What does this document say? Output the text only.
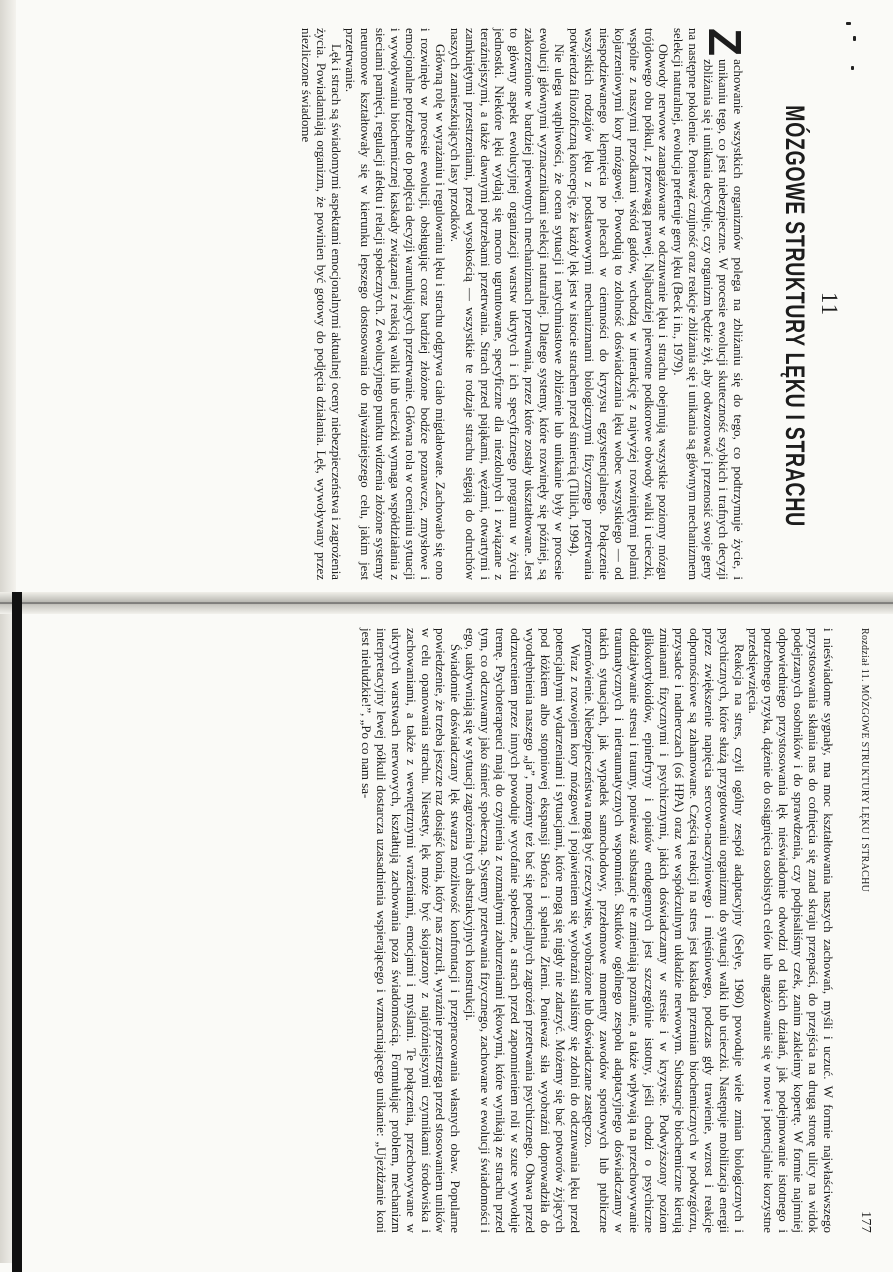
11
MÓZGOWE STRUKTURY LĘKU I STRACHU

Z
achowanie wszystkich organizmów polega na zbliżaniu się do tego, co podtrzymuje życie, i unikaniu tego, co jest niebezpieczne. W procesie ewolucji skuteczność szybkich i trafnych decyzji zbliżania się i unikania decyduje, czy organizm będzie żył, aby odwzorować i przenosić swoje geny na następne pokolenie. Ponieważ czujność oraz reakcje zbliżania się i unikania są głównym mechanizmem selekcji naturalnej, ewolucja preferuje geny lęku (Beck i in., 1979).

Obwody nerwowe zaangażowane w odczuwanie lęku i strachu obejmują wszystkie poziomy mózgu trójdowego obu półkul, z przewagą prawej. Najbardziej pierwotne podkorowe obwody walki i ucieczki, wspólne z naszymi przodkami wśród gadów, wchodzą w interakcję z najwyżej rozwiniętymi polami kojarzeniowymi kory mózgowej. Powodują to zdolność doświadczania lęku wobec wszystkiego — od niespodziewanego klepnięcia po plecach w ciemności do kryzysu egzystencjalnego. Połączenie wszystkich rodzajów lęku z podstawowymi mechanizmami biologicznymi fizycznego przetrwania potwierdza filozoficzną koncepcję, że każdy lęk jest w istocie strachem przed śmiercią (Tillich, 1994).

Nie ulega wątpliwości, że ocena sytuacji i natychmiastowe zbliżenie lub unikanie były w procesie ewolucji głównymi wyznacznikami selekcji naturalnej. Dlatego systemy, które rozwinęły się później, są zakorzenione w bardziej pierwotnych mechanizmach przetrwania, przez które zostały ukształtowane. Jest to główny aspekt ewolucyjnej organizacji warstw ukrytych i ich specyficznego programu w życiu jednostki. Niektóre lęki wydają się mocno ugruntowane, specyficzne dla niezdolnych i związane z teraźniejszymi, a także dawnymi potrzebami przetrwania. Strach przed pająkami, wężami, otwartymi i zamkniętymi przestrzeniami, przed wysokością — wszystkie te rodzaje strachu sięgają do odruchów naszych zamieszkujących lasy przodków.

Główną rolę w wyrażaniu i regulowaniu lęku i strachu odgrywa ciało migdałowate. Zachowało się ono i rozwinęło w procesie ewolucji, obsługując coraz bardziej złożone bodźce poznawcze, zmysłowe i emocjonalne potrzebne do podjęcia decyzji warunkujących przetrwanie. Główna rola w ocenianiu sytuacji i wywoływaniu biochemicznej kaskady związanej z reakcją walki lub ucieczki wymaga współdziałania z sieciami pamięci, regulacji afektu i relacji społecznych. Z ewolucyjnego punktu widzenia złożone systemy neuronowe kształtowały się w kierunku lepszego dostosowania do najważniejszego celu, jakim jest przetrwanie.

Lęk i strach są świadomymi aspektami emocjonalnymi aktualnej oceny niebezpieczeństwa i zagrożenia życia. Powiadamiają organizm, że powinien być gotowy do podjęcia działania. Lęk, wywoływany przez niezliczone świadome

Rozdział 11. MÓZGOWE STRUKTURY LĘKU I STRACHU
177

i nieświadome sygnały, ma moc kształtowania naszych zachowań, myśli i uczuć. W formie najwłaściwszego przystosowania skłania nas do cofnięcia się znad skraju przepaści, do przejścia na drugą stronę ulicy na widok podejrzanych osobników i do sprawdzenia, czy podpisaliśmy czek, zanim zakleimy kopertę. W formie najmniej odpowiedniego przystosowania lęk nieświadomie odwodzi od takich działań, jak podejmowanie istotnego i potrzebnego ryzyka, dążenie do osiągnięcia osobistych celów lub angażowanie się w nowe i potencjalnie korzystne przedsięwzięcia.

Reakcja na stres, czyli ogólny zespół adaptacyjny (Selye, 1960) powoduje wiele zmian biologicznych i psychicznych, które służą przygotowaniu organizmu do sytuacji walki lub ucieczki. Następuje mobilizacja energii przez zwiększenie napięcia sercowo-naczyniowego i mięśniowego, podczas gdy trawienie, wzrost i reakcje odpornościowe są zahamowane. Częścią reakcji na stres jest kaskada przemian biochemicznych w podwzgórzu, przysadce i nadnerczach (oś HPA) oraz we współczulnym układzie nerwowym. Substancje biochemiczne kierują zmianami fizycznymi i psychicznymi, jakich doświadczamy w stresie i w kryzysie. Podwyższony poziom glikokortykoidów, epinefryny i opiatów endogennych jest szczególnie istotny, jeśli chodzi o psychiczne oddziaływanie stresu i traumy, ponieważ substancje te zmieniają poznanie, a także wpływają na przechowywanie traumatycznych i nietraumatycznych wspomnień. Skutków ogólnego zespołu adaptacyjnego doświadczamy w takich sytuacjach, jak wypadek samochodowy, przełomowe momenty zawodów sportowych lub publiczne przemówienie. Niebezpieczeństwa mogą być rzeczywiste, wyobrażone lub doświadczane zastępczo.

Wraz z rozwojem kory mózgowej i pojawieniem się wyobraźni staliśmy się zdolni do odczuwania lęku przed potencjalnymi wydarzeniami i sytuacjami, które mogą się nigdy nie zdarzyć. Możemy się bać potworów żyjących pod łóżkiem albo stopniowej ekspansji Słońca i spalenia Ziemi. Ponieważ siła wyobraźni doprowadziła do wyodrębnienia naszego „ja”, możemy też bać się potencjalnych zagrożeń przetrwania psychicznego. Obawa przed odrzuceniem przez innych powoduje wycofanie społeczne, a strach przed zapomnieniem roli w szuce wywołuje tremę. Psychoterapeuci mają do czynienia z rozmaitymi zaburzeniami lękowymi, które wynikają ze strachu przed tym, co odczuwamy jako śmierć społeczną. Systemy przetrwania fizycznego, zachowane w ewolucji świadomości i ego, uaktywniają się w sytuacji zagrożenia tych abstrakcyjnych konstrukcji.

Świadomie doświadczany lęk stwarza możliwość konfrontacji i przepracowania własnych obaw. Popularne powiedzenie, że trzeba jeszcze raz dosiąść konia, który nas zrzucił, wyraźnie przestrzega przed stosowaniem uników w celu opanowania strachu. Niestety, lęk może być skojarzony z najróżniejszymi czynnikami środowiska i zachowaniami, a także z wewnętrznymi wrażeniami, emocjami i myślami. Te połączenia, przechowywane w ukrytych warstwach nerwowych, kształtują zachowania poza świadomością. Formułując problem, mechanizm interpretacyjny lewej półkuli dostarcza uzasadnienia wspierającego i wzmacniającego unikanie: „Ujeżdżanie koni jest nieludzkie!”, „Po co nam sa-
